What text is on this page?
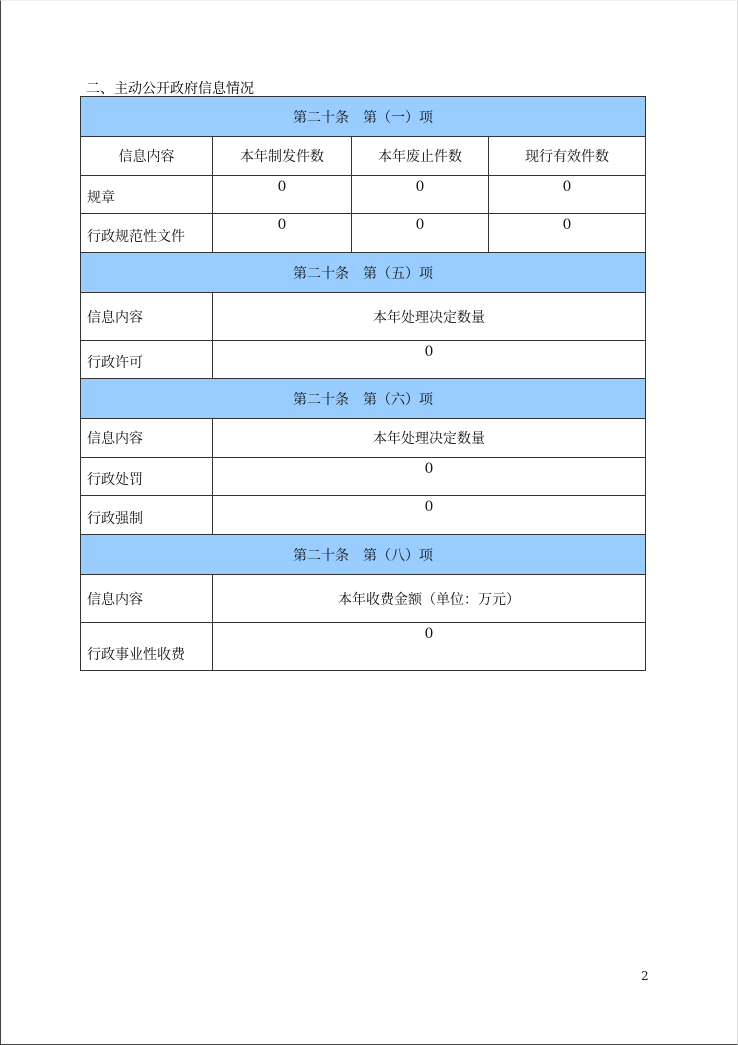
二、主动公开政府信息情况
第二十条　第（一）项			
信息内容	本年制发件数	本年废止件数	现行有效件数
规章	0	0	0
行政规范性文件	0	0	0
第二十条　第（五）项			
信息内容	本年处理决定数量		
行政许可	0		
第二十条　第（六）项			
信息内容	本年处理决定数量		
行政处罚	0		
行政强制	0		
第二十条　第（八）项			
信息内容	本年收费金额（单位：万元）		
行政事业性收费	0		
2
